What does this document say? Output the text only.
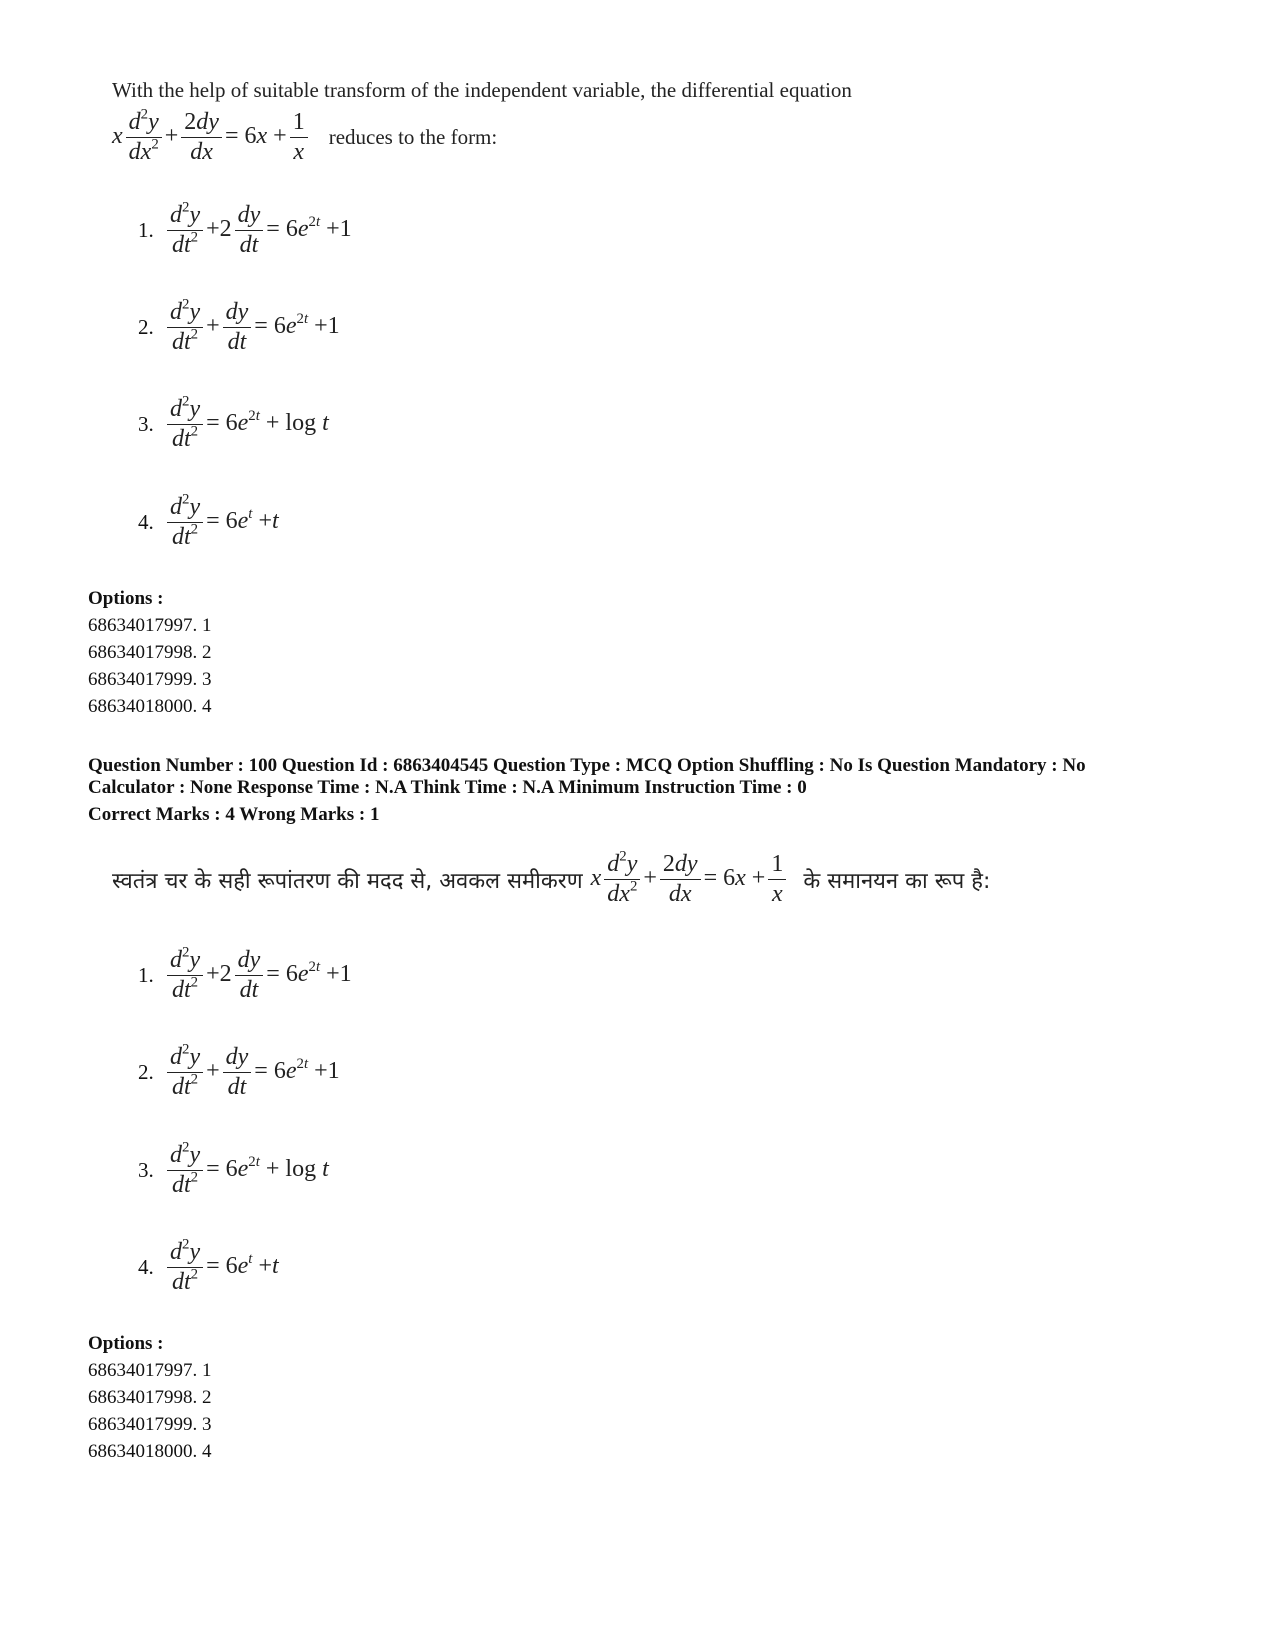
With the help of suitable transform of the independent variable, the differential equation
x $\frac{d^2y}{dx^2} + \frac{2dy}{dx} = 6x + \frac{1}{x}$ reduces to the form:
1. $\frac{d^2y}{dt^2} +2 \frac{dy}{dt} = 6e^{2t} +1$
2. $\frac{d^2y}{dt^2} + \frac{dy}{dt} = 6e^{2t} +1$
3. $\frac{d^2y}{dt^2} = 6e^{2t} + \log t$
4. $\frac{d^2y}{dt^2} = 6e^t +t$
Options :
68634017997. 1
68634017998. 2
68634017999. 3
68634018000. 4
Question Number : 100 Question Id : 6863404545 Question Type : MCQ Option Shuffling : No Is Question Mandatory : No
Calculator : None Response Time : N.A Think Time : N.A Minimum Instruction Time : 0
Correct Marks : 4 Wrong Marks : 1
स्वतंत्र चर के सही रूपांतरण की मदद से, अवकल समीकरण x $\frac{d^2y}{dx^2} + \frac{2dy}{dx} = 6x + \frac{1}{x}$ के समानयन का रूप है:
1. $\frac{d^2y}{dt^2} +2 \frac{dy}{dt} = 6e^{2t} +1$
2. $\frac{d^2y}{dt^2} + \frac{dy}{dt} = 6e^{2t} +1$
3. $\frac{d^2y}{dt^2} = 6e^{2t} + \log t$
4. $\frac{d^2y}{dt^2} = 6e^t +t$
Options :
68634017997. 1
68634017998. 2
68634017999. 3
68634018000. 4
